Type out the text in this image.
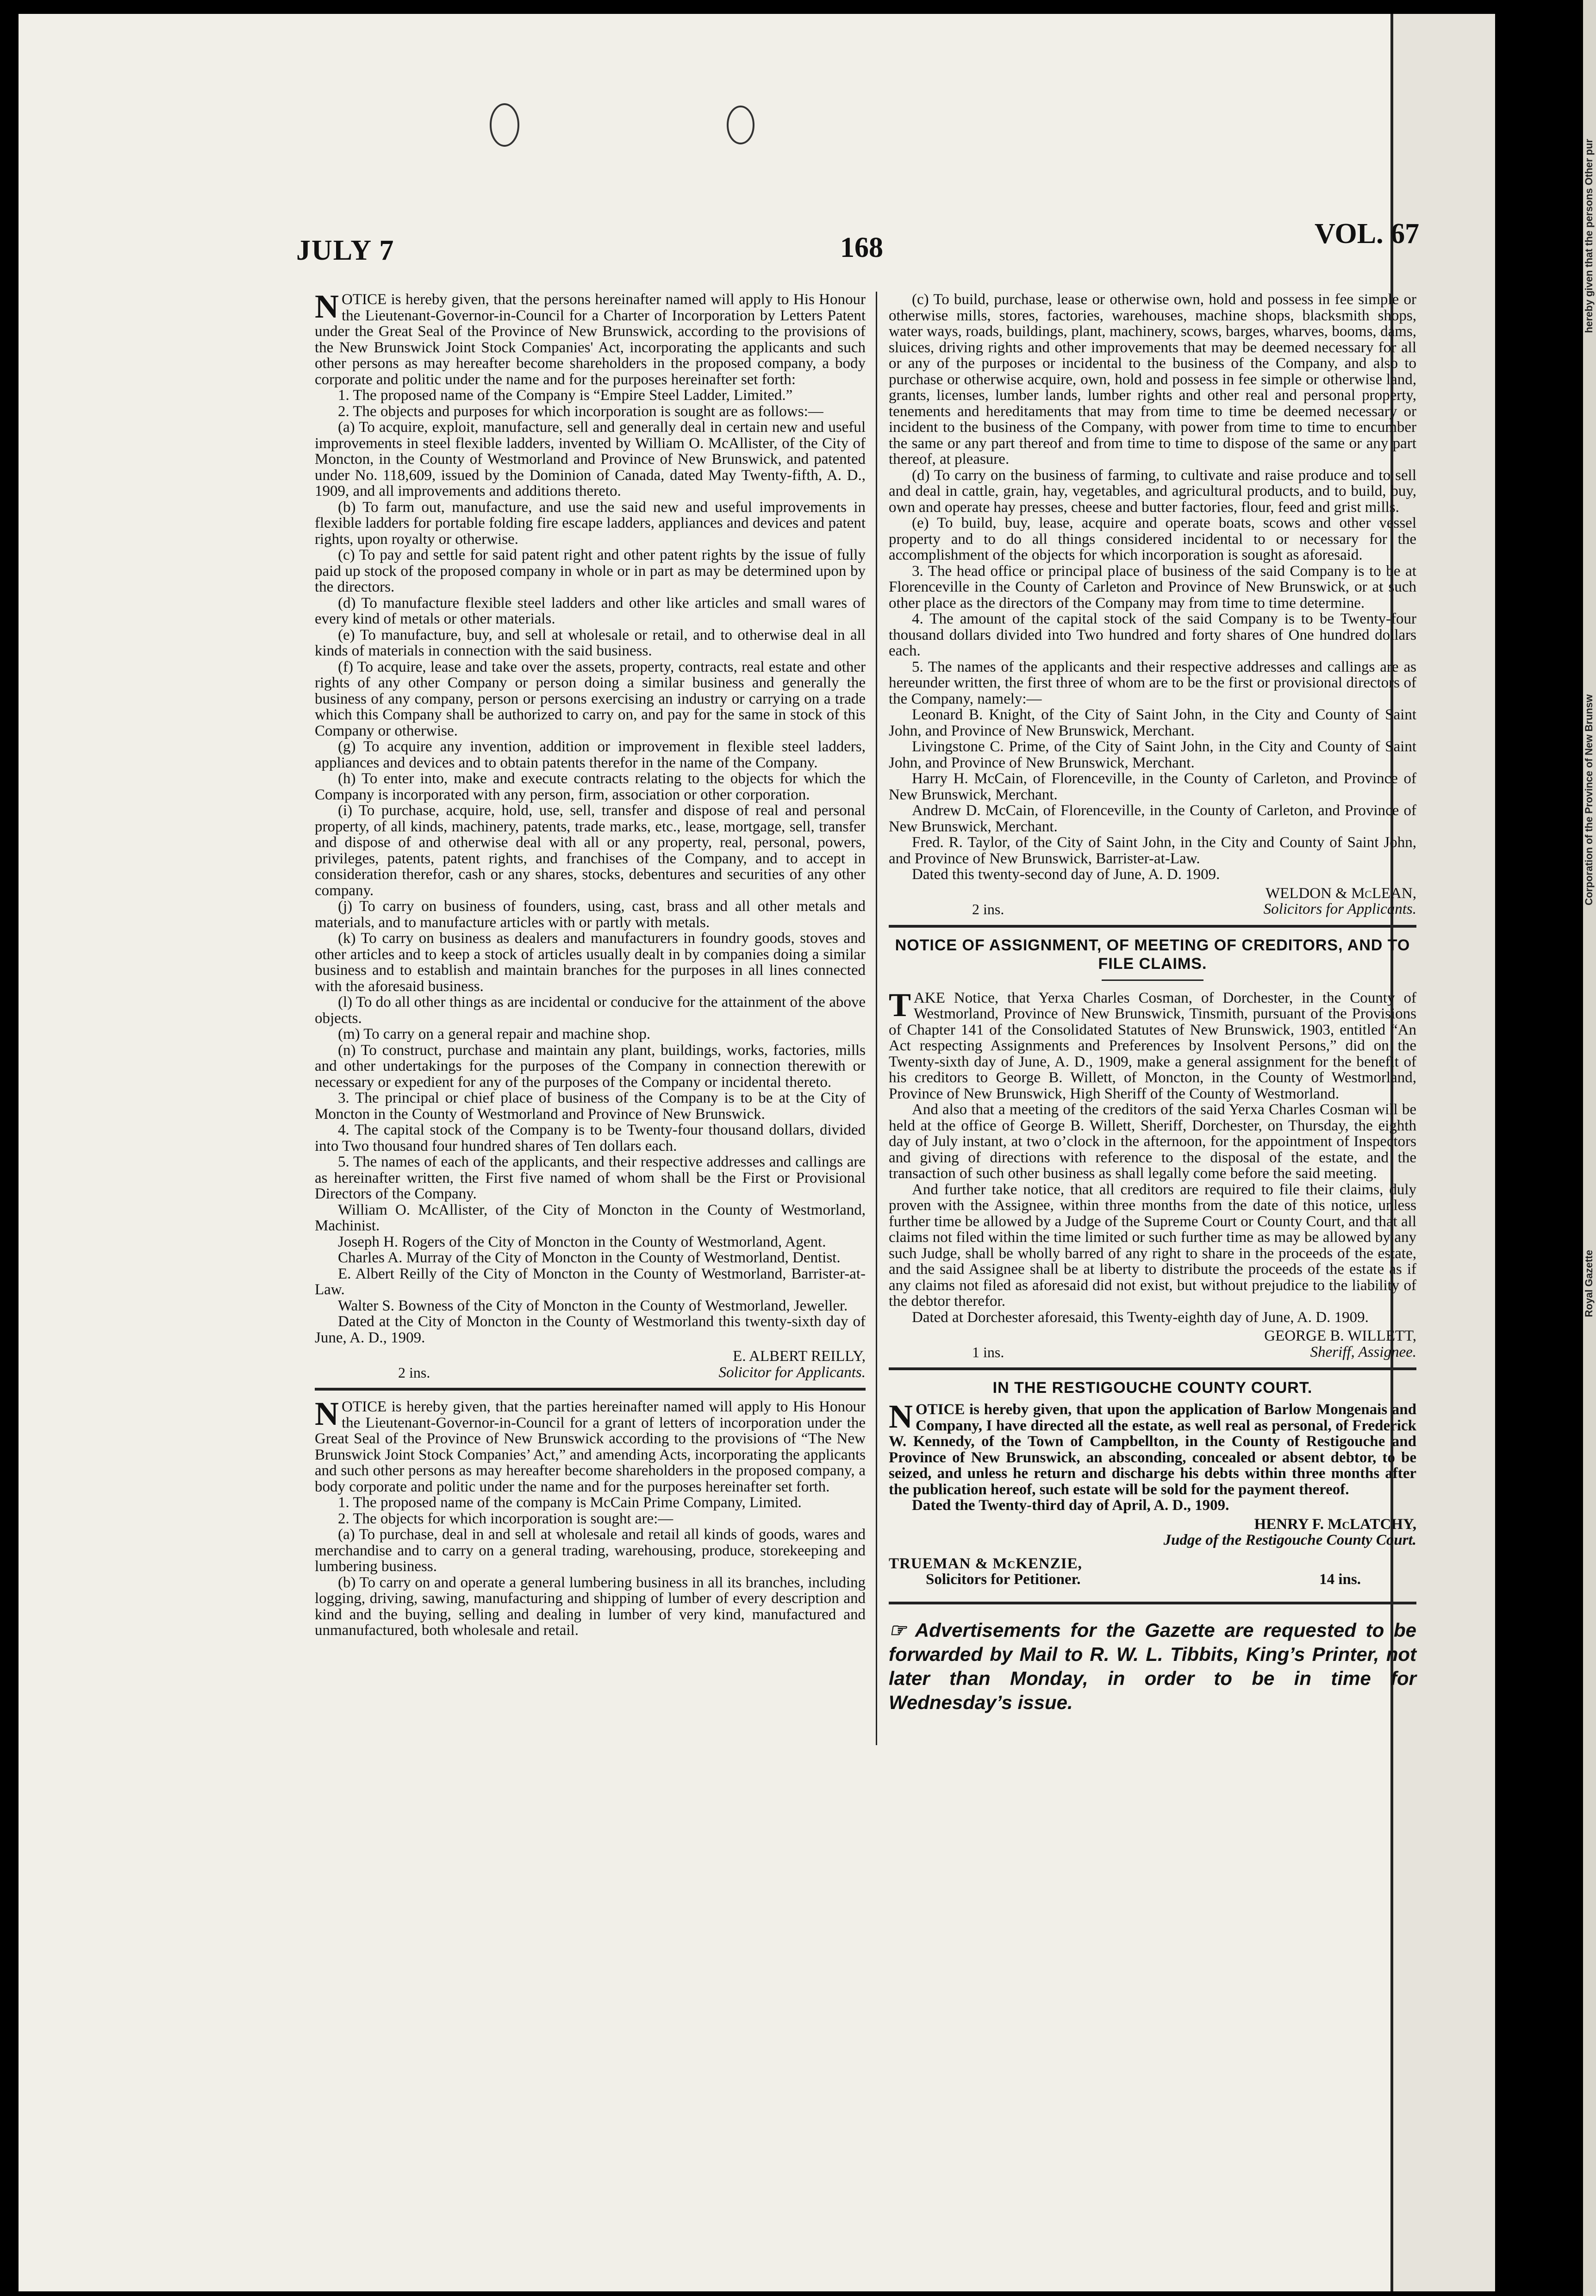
JULY 7	168	VOL. 67

NOTICE is hereby given, that the persons hereinafter named will apply to His Honour the Lieutenant-Governor-in-Council for a Charter of Incorporation by Letters Patent under the Great Seal of the Province of New Brunswick, according to the provisions of the New Brunswick Joint Stock Companies' Act, incorporating the applicants and such other persons as may hereafter become shareholders in the proposed company, a body corporate and politic under the name and for the purposes hereinafter set forth:

1. The proposed name of the Company is “Empire Steel Ladder, Limited.”

2. The objects and purposes for which incorporation is sought are as follows:—

(a) To acquire, exploit, manufacture, sell and generally deal in certain new and useful improvements in steel flexible ladders, invented by William O. McAllister, of the City of Moncton, in the County of Westmorland and Province of New Brunswick, and patented under No. 118,609, issued by the Dominion of Canada, dated May Twenty-fifth, A. D., 1909, and all improvements and additions thereto.

(b) To farm out, manufacture, and use the said new and useful improvements in flexible ladders for portable folding fire escape ladders, appliances and devices and patent rights, upon royalty or otherwise.

(c) To pay and settle for said patent right and other patent rights by the issue of fully paid up stock of the proposed company in whole or in part as may be determined upon by the directors.

(d) To manufacture flexible steel ladders and other like articles and small wares of every kind of metals or other materials.

(e) To manufacture, buy, and sell at wholesale or retail, and to otherwise deal in all kinds of materials in connection with the said business.

(f) To acquire, lease and take over the assets, property, contracts, real estate and other rights of any other Company or person doing a similar business and generally the business of any company, person or persons exercising an industry or carrying on a trade which this Company shall be authorized to carry on, and pay for the same in stock of this Company or otherwise.

(g) To acquire any invention, addition or improvement in flexible steel ladders, appliances and devices and to obtain patents therefor in the name of the Company.

(h) To enter into, make and execute contracts relating to the objects for which the Company is incorporated with any person, firm, association or other corporation.

(i) To purchase, acquire, hold, use, sell, transfer and dispose of real and personal property, of all kinds, machinery, patents, trade marks, etc., lease, mortgage, sell, transfer and dispose of and otherwise deal with all or any property, real, personal, powers, privileges, patents, patent rights, and franchises of the Company, and to accept in consideration therefor, cash or any shares, stocks, debentures and securities of any other company.

(j) To carry on business of founders, using, cast, brass and all other metals and materials, and to manufacture articles with or partly with metals.

(k) To carry on business as dealers and manufacturers in foundry goods, stoves and other articles and to keep a stock of articles usually dealt in by companies doing a similar business and to establish and maintain branches for the purposes in all lines connected with the aforesaid business.

(l) To do all other things as are incidental or conducive for the attainment of the above objects.

(m) To carry on a general repair and machine shop.

(n) To construct, purchase and maintain any plant, buildings, works, factories, mills and other undertakings for the purposes of the Company in connection therewith or necessary or expedient for any of the purposes of the Company or incidental thereto.

3. The principal or chief place of business of the Company is to be at the City of Moncton in the County of Westmorland and Province of New Brunswick.

4. The capital stock of the Company is to be Twenty-four thousand dollars, divided into Two thousand four hundred shares of Ten dollars each.

5. The names of each of the applicants, and their respective addresses and callings are as hereinafter written, the First five named of whom shall be the First or Provisional Directors of the Company.

William O. McAllister, of the City of Moncton in the County of Westmorland, Machinist.

Joseph H. Rogers of the City of Moncton in the County of Westmorland, Agent.

Charles A. Murray of the City of Moncton in the County of Westmorland, Dentist.

E. Albert Reilly of the City of Moncton in the County of Westmorland, Barrister-at-Law.

Walter S. Bowness of the City of Moncton in the County of Westmorland, Jeweller.

Dated at the City of Moncton in the County of Westmorland this twenty-sixth day of June, A. D., 1909.

E. ALBERT REILLY,

2 ins.	Solicitor for Applicants.

NOTICE is hereby given, that the parties hereinafter named will apply to His Honour the Lieutenant-Governor-in-Council for a grant of letters of incorporation under the Great Seal of the Province of New Brunswick according to the provisions of “The New Brunswick Joint Stock Companies’ Act,” and amending Acts, incorporating the applicants and such other persons as may hereafter become shareholders in the proposed company, a body corporate and politic under the name and for the purposes hereinafter set forth.

1. The proposed name of the company is McCain Prime Company, Limited.

2. The objects for which incorporation is sought are:—

(a) To purchase, deal in and sell at wholesale and retail all kinds of goods, wares and merchandise and to carry on a general trading, warehousing, produce, storekeeping and lumbering business.

(b) To carry on and operate a general lumbering business in all its branches, including logging, driving, sawing, manufacturing and shipping of lumber of every description and kind and the buying, selling and dealing in lumber of very kind, manufactured and unmanufactured, both wholesale and retail.

(c) To build, purchase, lease or otherwise own, hold and possess in fee simple or otherwise mills, stores, factories, warehouses, machine shops, blacksmith shops, water ways, roads, buildings, plant, machinery, scows, barges, wharves, booms, dams, sluices, driving rights and other improvements that may be deemed necessary for all or any of the purposes or incidental to the business of the Company, and also to purchase or otherwise acquire, own, hold and possess in fee simple or otherwise land, grants, licenses, lumber lands, lumber rights and other real and personal property, tenements and hereditaments that may from time to time be deemed necessary or incident to the business of the Company, with power from time to time to encumber the same or any part thereof and from time to time to dispose of the same or any part thereof, at pleasure.

(d) To carry on the business of farming, to cultivate and raise produce and to sell and deal in cattle, grain, hay, vegetables, and agricultural products, and to build, buy, own and operate hay presses, cheese and butter factories, flour, feed and grist mills.

(e) To build, buy, lease, acquire and operate boats, scows and other vessel property and to do all things considered incidental to or necessary for the accomplishment of the objects for which incorporation is sought as aforesaid.

3. The head office or principal place of business of the said Company is to be at Florenceville in the County of Carleton and Province of New Brunswick, or at such other place as the directors of the Company may from time to time determine.

4. The amount of the capital stock of the said Company is to be Twenty-four thousand dollars divided into Two hundred and forty shares of One hundred dollars each.

5. The names of the applicants and their respective addresses and callings are as hereunder written, the first three of whom are to be the first or provisional directors of the Company, namely:—

Leonard B. Knight, of the City of Saint John, in the City and County of Saint John, and Province of New Brunswick, Merchant.

Livingstone C. Prime, of the City of Saint John, in the City and County of Saint John, and Province of New Brunswick, Merchant.

Harry H. McCain, of Florenceville, in the County of Carleton, and Province of New Brunswick, Merchant.

Andrew D. McCain, of Florenceville, in the County of Carleton, and Province of New Brunswick, Merchant.

Fred. R. Taylor, of the City of Saint John, in the City and County of Saint John, and Province of New Brunswick, Barrister-at-Law.

Dated this twenty-second day of June, A. D. 1909.

WELDON & McLEAN,

2 ins.	Solicitors for Applicants.
NOTICE OF ASSIGNMENT, OF MEETING OF CREDITORS, AND TO FILE CLAIMS.

TAKE Notice, that Yerxa Charles Cosman, of Dorchester, in the County of Westmorland, Province of New Brunswick, Tinsmith, pursuant of the Provisions of Chapter 141 of the Consolidated Statutes of New Brunswick, 1903, entitled “An Act respecting Assignments and Preferences by Insolvent Persons,” did on the Twenty-sixth day of June, A. D., 1909, make a general assignment for the benefit of his creditors to George B. Willett, of Moncton, in the County of Westmorland, Province of New Brunswick, High Sheriff of the County of Westmorland.

And also that a meeting of the creditors of the said Yerxa Charles Cosman will be held at the office of George B. Willett, Sheriff, Dorchester, on Thursday, the eighth day of July instant, at two o’clock in the afternoon, for the appointment of Inspectors and giving of directions with reference to the disposal of the estate, and the transaction of such other business as shall legally come before the said meeting.

And further take notice, that all creditors are required to file their claims, duly proven with the Assignee, within three months from the date of this notice, unless further time be allowed by a Judge of the Supreme Court or County Court, and that all claims not filed within the time limited or such further time as may be allowed by any such Judge, shall be wholly barred of any right to share in the proceeds of the estate, and the said Assignee shall be at liberty to distribute the proceeds of the estate as if any claims not filed as aforesaid did not exist, but without prejudice to the liability of the debtor therefor.

Dated at Dorchester aforesaid, this Twenty-eighth day of June, A. D. 1909.

GEORGE B. WILLETT,

1 ins.	Sheriff, Assignee.
IN THE RESTIGOUCHE COUNTY COURT.

NOTICE is hereby given, that upon the application of Barlow Mongenais and Company, I have directed all the estate, as well real as personal, of Frederick W. Kennedy, of the Town of Campbellton, in the County of Restigouche and Province of New Brunswick, an absconding, concealed or absent debtor, to be seized, and unless he return and discharge his debts within three months after the publication hereof, such estate will be sold for the payment thereof.

Dated the Twenty-third day of April, A. D., 1909.

HENRY F. McLATCHY,

Judge of the Restigouche County Court.

TRUEMAN & McKENZIE,
Solicitors for Petitioner.	14 ins.

☞ Advertisements for the Gazette are requested to be forwarded by Mail to R. W. L. Tibbits, King’s Printer, not later than Monday, in order to be in time for Wednesday’s issue.

hereby given that the persons Other pur
Corporation of the Province of New Brunsw
Royal Gazette
